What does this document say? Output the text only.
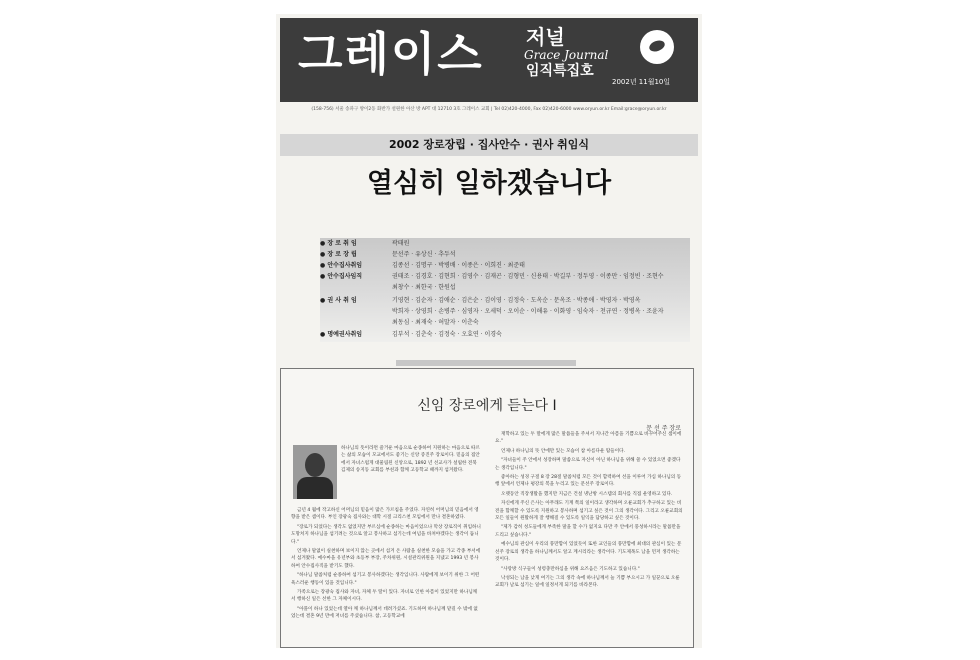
그레이스 저널
Grace Journal
임직특집호
2002년 11월10일
(158-756) 서울 송파구 방이2동 화반가 설원한 아산 방 APT 대 12710 3호 그레이스 교회 | Tel 02)420-4000, Fax 02)420-6000 www.oryun.or.kr Email:grace@oryun.or.kr
2002 장로장립 · 집사안수 · 권사 취임식
열심히 일하겠습니다
● 장 로 취 임	곽태원
● 장 로 장 립	문선주 · 유상신 · 추두석
● 안수집사취임	김종선 · 김명구 · 박병배 · 이종은 · 이희진 · 최준태
● 안수집사임직	권태조 · 김경호 · 김현희 · 김영수 · 김재곤 · 김형민 · 신용태 · 박길부 · 정두영 · 이종만 · 임정빈 · 조현수
최창수 · 최한국 · 한원섭
● 권 사 취 임	기영현 · 김순자 · 김애순 · 김은순 · 김이영 · 김정숙 · 도옥순 · 문옥조 · 박종애 · 박영자 · 박영옥
박희자 · 상영희 · 손병주 · 심영자 · 오세덕 · 오이순 · 이해유 · 이화영 · 임숙자 · 천규연 · 정병옥 · 조윤자
최동심 · 최재숙 · 허말자 · 이춘숙
● 명예권사취임	김부석 · 김춘숙 · 김정숙 · 오효연 · 이경숙
신임 장로에게 듣는다 I
문 선 주 장로
하나님의 뜻이라면 즐거운 마음으로 순종하여 지원하는 마음으로 따르는 삶의 모습이 모교에서도 좋기는 신앙 증진주 장로이다. 믿음의 집안에서 자녀스럽게 대물림된 신앙으로, 1892 년 선교사가 설립한 전북 김제의 송지동 교회를 부친과 함께 고등학교 때까지 섬겨왔다.

금년 4 월에 작고하신 어머님의 믿음이 많은 가르침을 주었다. 자연히 어머님의 믿음에서 영향을 받은 셈이다. 부인 장광숙 집사와는 대학 시절 크리스천 모임에서 만나 결혼하였다.

"장로가 되었다는 생각도 없었지만 부르심에 순종하는 마음이었으나 막상 장로직이 취임하니 도망쳐지 하나님을 섬기려는 것으로 알고 봉사하고 섬기는데 여념을 바쳐야겠다는 생각이 듭니다."

언제나 말없이 실천하며 보이지 않는 곳에서 섬겨 온 사람을 실천한 모습을 가고 각종 부서에서 섬겨왔다. 예수마을 유년부와 초등부 부장, 주차위원, 시설관리위원을 지냈고 1993 년 봉사하여 안수집사직을 받기도 했다.

"하나님 말씀처럼 순종하여 섬기고 봉사하겠다는 생각입니다. 사람에게 보이기 위한 그 어떤 욕스러운 행동이 있을 것입니다."

가족으로는 장광숙 집사와 자녀, 자체 두 딸이 있다. 자녀로 인한 아픔이 있었지만 하나님께서 행하신 일은 선한 그 자체이시다.

"아플이 하나 있었는데 열아 께 하나님께서 데려가셨죠. 기도하며 하나님께 맡길 수 밖에 없었는데 결혼 9년 만에 저녀를 주셨습니다. 참, 고등학교에

재학하고 있는 두 딸에게 많은 말씀들을 주셔서 지나간 아픔을 기쁨으로 바꾸어주신 셈이에요."

언제나 하나님의 뜻 안에만 있는 모습이 참 아름다운 땀들이다.

"자녀들이 주 안에서 성장하며 말씀으로 자신이 아닌 하나님을 위해 쓸 수 있었으면 좋겠다는 생각입니다."

좋아하는 성경 구절 8 장 28절 말씀처럼 모든 것이 합력하여 선을 이루어 가심 하나님의 동행 앞에서 언제나 평강의 복을 누리고 있는 문선주 장로이다.

오랫동안 직장생활을 했지만 지금은 건설 냉난방 시스템의 회사를 직접 운영하고 있다.

자신에게 주신 은사는 아무래도 기계 쪽의 일이라고 생각하며 오륜교회가 추구하고 있는 비전을 함께할 수 있도록 지원하고 봉사하며 섬기고 싶은 것이 그의 생각이다. 그리고 오륜교회의 모든 일들이 원활하게 잘 행해질 수 있도록 일익을 담당하고 싶은 것이다.

"제가 감히 성도들에게 부족한 말을 할 수가 없지요 다만 주 안에서 풍성하시라는 말씀만을 드리고 싶습니다."

예수님의 관심이 우리의 풍만함이 있었듯이 또한 교인들의 풍만함에 최대의 관심이 있는 문선주 장로의 생각을 하나님께서도 알고 계시리라는 생각이다. 기도제목도 남을 먼저 생각하는 것이다.

"사랑방 식구들이 성령충만하심을 위해 요즈음은 기도하고 있습니다."

낙성되는 남을 낮게 여기는 그의 생각 속에 하나님께서 늘 기쁨 부으시고 가 일꾼으로 오륜교회가 날로 섬기는 일에 일정서게 되기를 바라본다.
